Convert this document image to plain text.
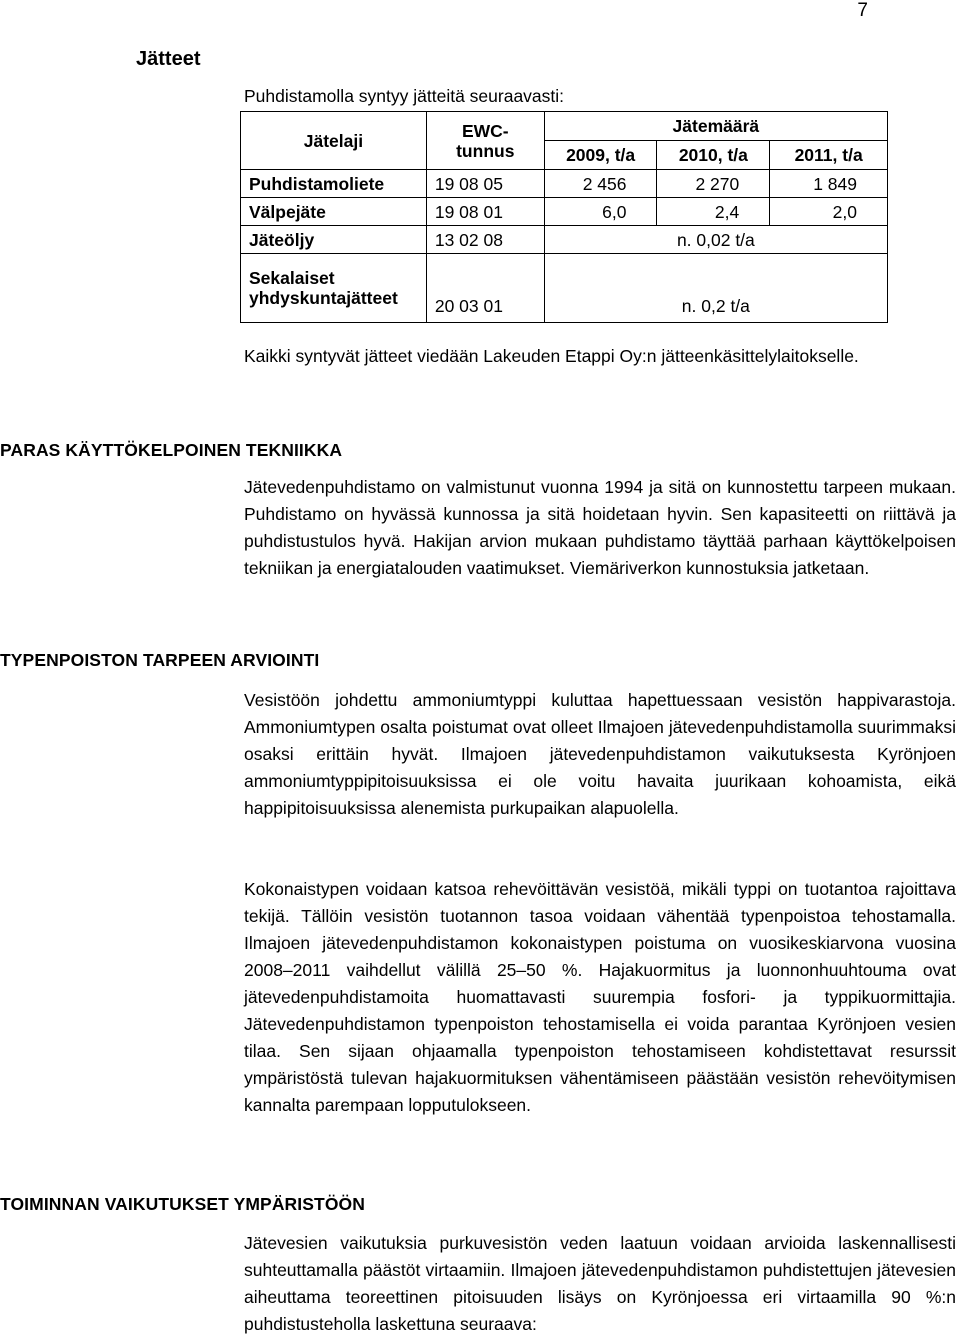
7
Jätteet

Puhdistamolla syntyy jätteitä seuraavasti:

Jätelaji	EWC-tunnus	Jätemäärä		
		2009, t/a	2010, t/a	2011, t/a
Puhdistamoliete	19 08 05	2 456	2 270	1 849
Välpejäte	19 08 01	6,0	2,4	2,0
Jäteöljy	13 02 08	n. 0,02 t/a		
Sekalaiset yhdyskuntajätteet	20 03 01	n. 0,2 t/a		

Kaikki syntyvät jätteet viedään Lakeuden Etappi Oy:n jätteenkäsittelylaitokselle.

PARAS KÄYTTÖKELPOINEN TEKNIIKKA

Jätevedenpuhdistamo on valmistunut vuonna 1994 ja sitä on kunnostettu tarpeen mukaan. Puhdistamo on hyvässä kunnossa ja sitä hoidetaan hyvin. Sen kapasiteetti on riittävä ja puhdistustulos hyvä. Hakijan arvion mukaan puhdistamo täyttää parhaan käyttökelpoisen tekniikan ja energiatalouden vaatimukset. Viemäriverkon kunnostuksia jatketaan.

TYPENPOISTON TARPEEN ARVIOINTI

Vesistöön johdettu ammoniumtyppi kuluttaa hapettuessaan vesistön happivarastoja. Ammoniumtypen osalta poistumat ovat olleet Ilmajoen jätevedenpuhdistamolla suurimmaksi osaksi erittäin hyvät. Ilmajoen jätevedenpuhdistamon vaikutuksesta Kyrönjoen ammoniumtyppipitoisuuksissa ei ole voitu havaita juurikaan kohoamista, eikä happipitoisuuksissa alenemista purkupaikan alapuolella.

Kokonaistypen voidaan katsoa rehevöittävän vesistöä, mikäli typpi on tuotantoa rajoittava tekijä. Tällöin vesistön tuotannon tasoa voidaan vähentää typenpoistoa tehostamalla. Ilmajoen jätevedenpuhdistamon kokonaistypen poistuma on vuosikeskiarvona vuosina 2008–2011 vaihdellut välillä 25–50 %. Hajakuormitus ja luonnonhuuhtouma ovat jätevedenpuhdistamoita huomattavasti suurempia fosfori- ja typpikuormittajia. Jätevedenpuhdistamon typenpoiston tehostamisella ei voida parantaa Kyrönjoen vesien tilaa. Sen sijaan ohjaamalla typenpoiston tehostamiseen kohdistettavat resurssit ympäristöstä tulevan hajakuormituksen vähentämiseen päästään vesistön rehevöitymisen kannalta parempaan lopputulokseen.

TOIMINNAN VAIKUTUKSET YMPÄRISTÖÖN

Jätevesien vaikutuksia purkuvesistön veden laatuun voidaan arvioida laskennallisesti suhteuttamalla päästöt virtaamiin. Ilmajoen jätevedenpuhdistamon puhdistettujen jätevesien aiheuttama teoreettinen pitoisuuden lisäys on Kyrönjoessa eri virtaamilla 90 %:n puhdistusteholla laskettuna seuraava:
